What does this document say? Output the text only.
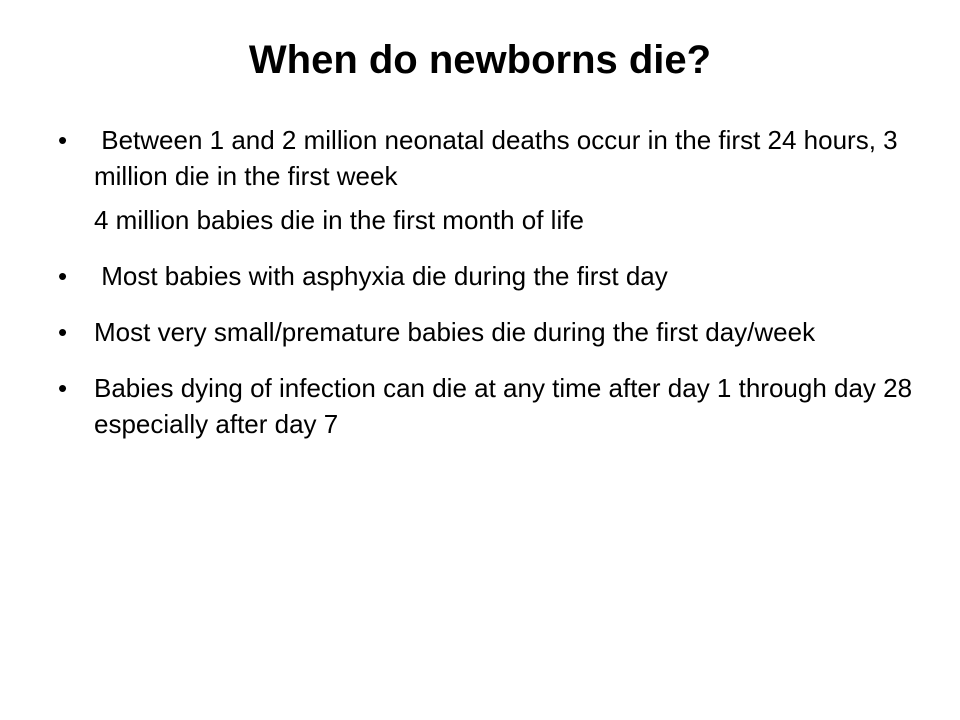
When do newborns die?
•	Between 1 and 2 million neonatal deaths occur in the first 24 hours, 3 million die in the first week
4 million babies die in the first month of life
•	Most babies with asphyxia die during the first day
•	Most very small/premature babies die during the first day/week
•	Babies dying of infection can die at any time after day 1 through day 28 especially after day 7
